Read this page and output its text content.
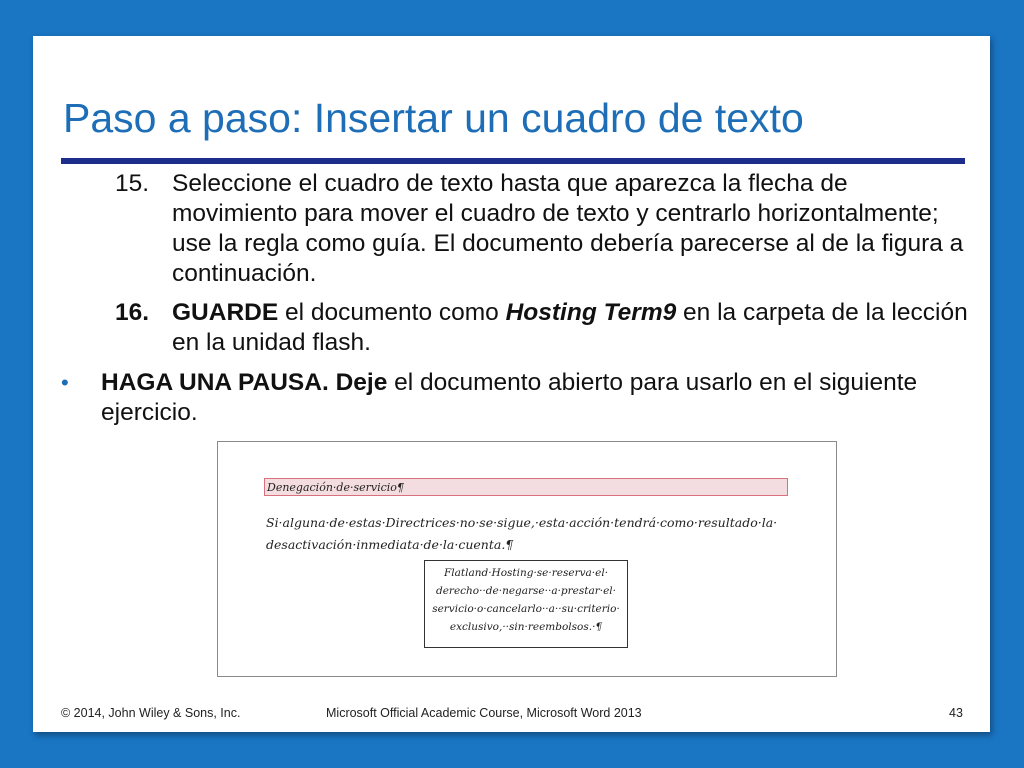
Paso a paso: Insertar un cuadro de texto
15. Seleccione el cuadro de texto hasta que aparezca la flecha de movimiento para mover el cuadro de texto y centrarlo horizontalmente; use la regla como guía. El documento debería parecerse al de la figura a continuación.
16. GUARDE el documento como Hosting Term9 en la carpeta de la lección en la unidad flash.
• HAGA UNA PAUSA. Deje el documento abierto para usarlo en el siguiente ejercicio.
Denegación·de·servicio¶
Si·alguna·de·estas·Directrices·no·se·sigue,·esta·acción·tendrá·como·resultado·la·
desactivación·inmediata·de·la·cuenta.¶
Flatland·Hosting·se·reserva·el·
derecho··de·negarse··a·prestar·el·
servicio·o·cancelarlo··a··su·criterio·
exclusivo,··sin·reembolsos.·¶
© 2014, John Wiley & Sons, Inc.	Microsoft Official Academic Course, Microsoft Word 2013	43
